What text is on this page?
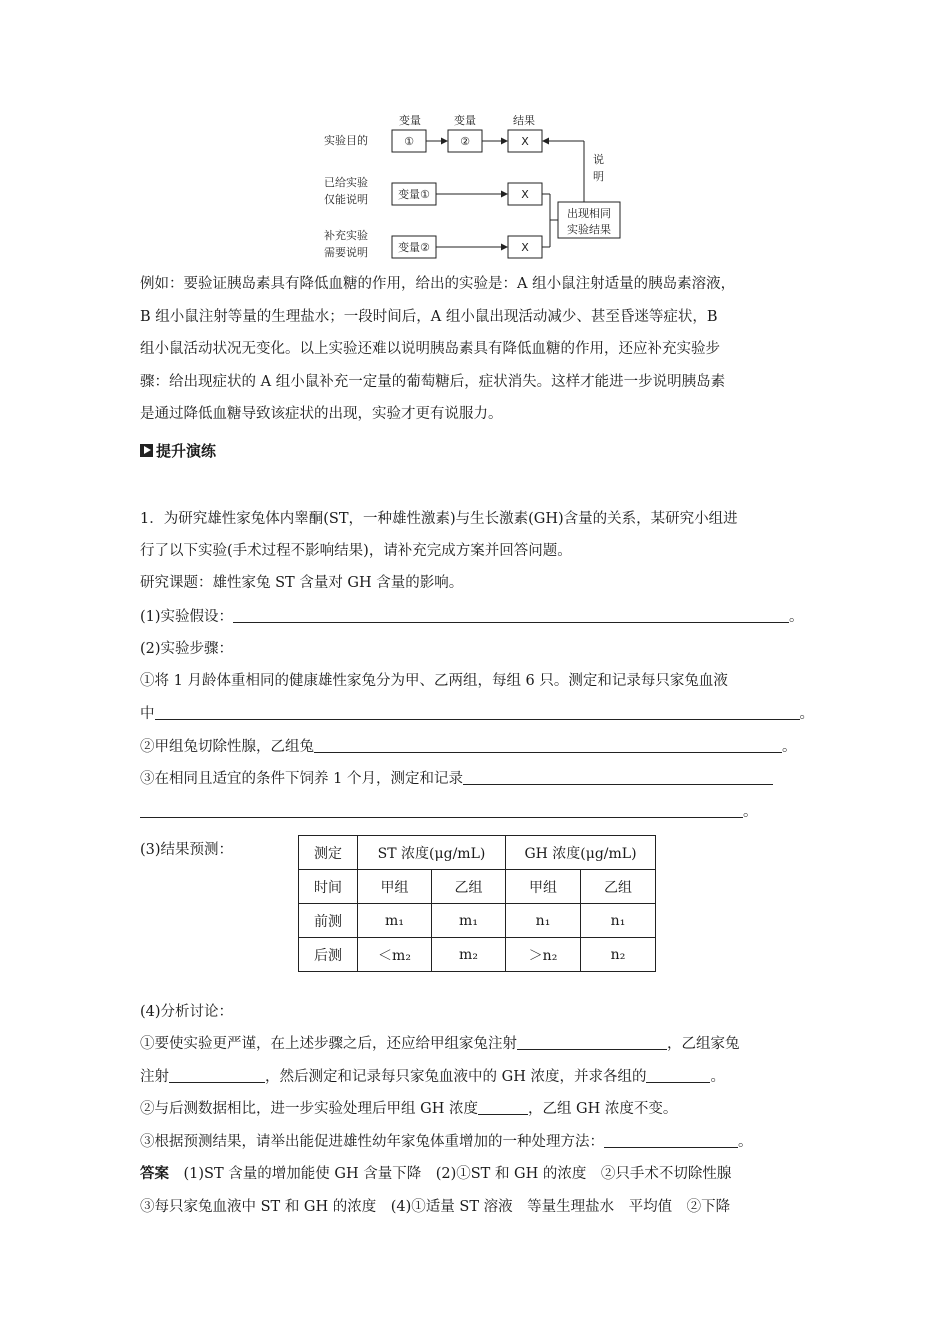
变量	变量	结果
实验目的	①	②	X
已给实验
仅能说明	变量①	X
补充实验
需要说明	变量②	X
出现相同
实验结果
说
明

例如：要验证胰岛素具有降低血糖的作用，给出的实验是：A 组小鼠注射适量的胰岛素溶液，

B 组小鼠注射等量的生理盐水；一段时间后，A 组小鼠出现活动减少、甚至昏迷等症状，B

组小鼠活动状况无变化。以上实验还难以说明胰岛素具有降低血糖的作用，还应补充实验步

骤：给出现症状的 A 组小鼠补充一定量的葡萄糖后，症状消失。这样才能进一步说明胰岛素

是通过降低血糖导致该症状的出现，实验才更有说服力。

提升演练
1．为研究雄性家兔体内睾酮(ST，一种雄性激素)与生长激素(GH)含量的关系，某研究小组进
行了以下实验(手术过程不影响结果)，请补充完成方案并回答问题。
研究课题：雄性家兔 ST 含量对 GH 含量的影响。
(1)实验假设：	。
(2)实验步骤：
①将 1 月龄体重相同的健康雄性家兔分为甲、乙两组，每组 6 只。测定和记录每只家兔血液
中	。
②甲组兔切除性腺，乙组兔	。
③在相同且适宜的条件下饲养 1 个月，测定和记录
。
(3)结果预测：	测定	ST 浓度(μg/mL)		GH 浓度(μg/mL)	
时间	甲组	乙组	甲组	乙组
前测	m₁	m₁	n₁	n₁
后测	＜m₂	m₂	＞n₂	n₂
(4)分析讨论：
①要使实验更严谨，在上述步骤之后，还应给甲组家兔注射	，乙组家兔
注射	，然后测定和记录每只家兔血液中的 GH 浓度，并求各组的	。
②与后测数据相比，进一步实验处理后甲组 GH 浓度	，乙组 GH 浓度不变。
③根据预测结果，请举出能促进雄性幼年家兔体重增加的一种处理方法：	。
答案　 (1)ST 含量的增加能使 GH 含量下降　(2)①ST 和 GH 的浓度　②只手术不切除性腺
③每只家兔血液中 ST 和 GH 的浓度　(4)①适量 ST 溶液　等量生理盐水　平均值　②下降
